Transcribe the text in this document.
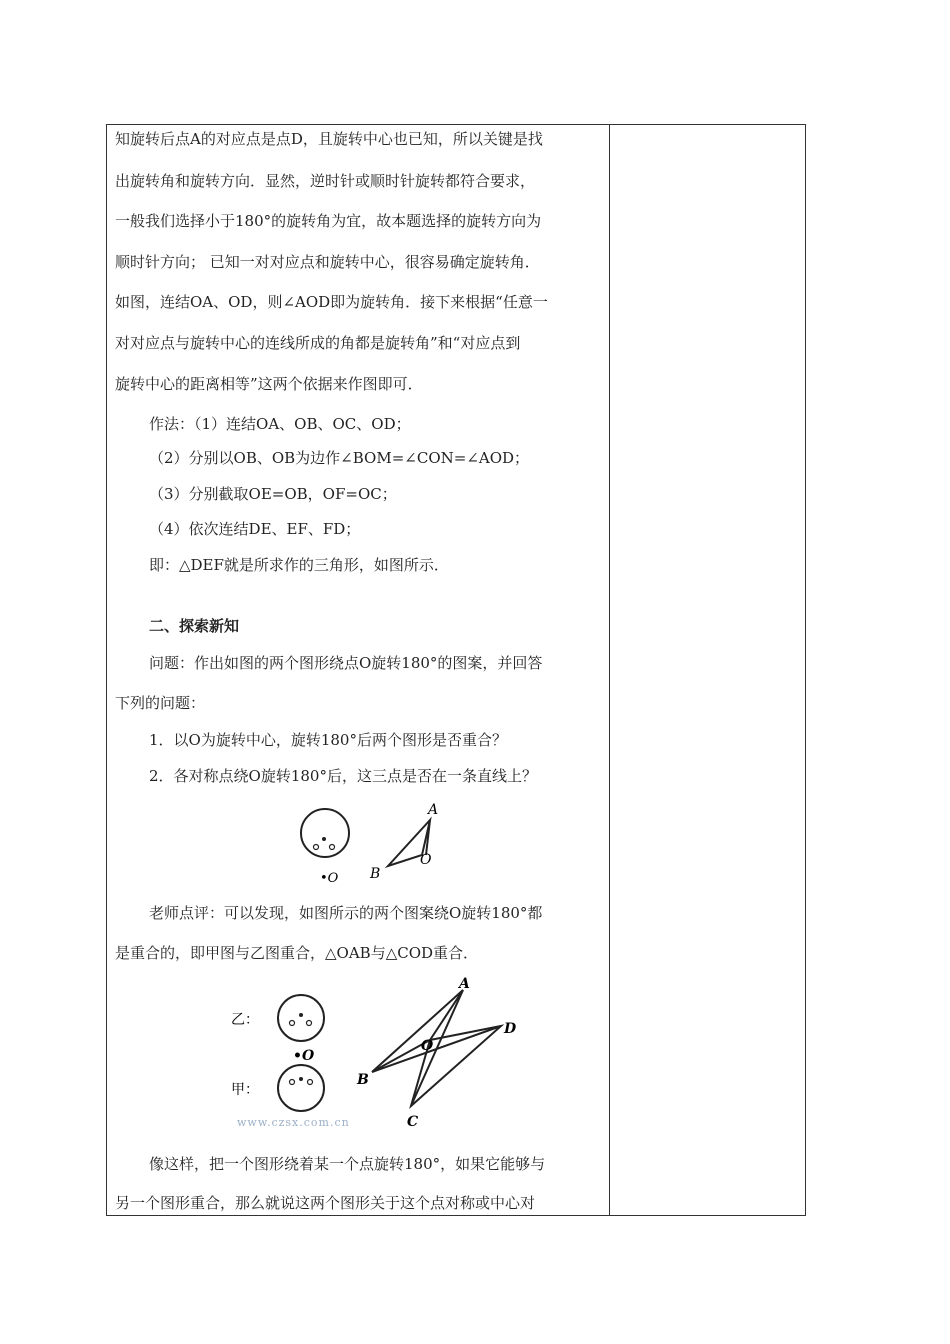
知旋转后点A的对应点是点D，且旋转中心也已知，所以关键是找
出旋转角和旋转方向．显然，逆时针或顺时针旋转都符合要求，
一般我们选择小于180°的旋转角为宜，故本题选择的旋转方向为
顺时针方向； 已知一对对应点和旋转中心，很容易确定旋转角．
如图，连结OA、OD，则∠AOD即为旋转角．接下来根据“任意一
对对应点与旋转中心的连线所成的角都是旋转角”和“对应点到
旋转中心的距离相等”这两个依据来作图即可．
作法：（1）连结OA、OB、OC、OD；
（2）分别以OB、OB为边作∠BOM=∠CON=∠AOD；
（3）分别截取OE=OB，OF=OC；
（4）依次连结DE、EF、FD；
即：△DEF就是所求作的三角形，如图所示．
二、探索新知
问题：作出如图的两个图形绕点O旋转180°的图案，并回答
下列的问题：
1．以O为旋转中心，旋转180°后两个图形是否重合？
2．各对称点绕O旋转180°后，这三点是否在一条直线上？
老师点评：可以发现，如图所示的两个图案绕O旋转180°都
是重合的，即甲图与乙图重合，△OAB与△COD重合．
像这样，把一个图形绕着某一个点旋转180°，如果它能够与
另一个图形重合，那么就说这两个图形关于这个点对称或中心对
•O
A
B
O
乙：
•O
甲：
www.czsx.com.cn
A
B
C
D
O
